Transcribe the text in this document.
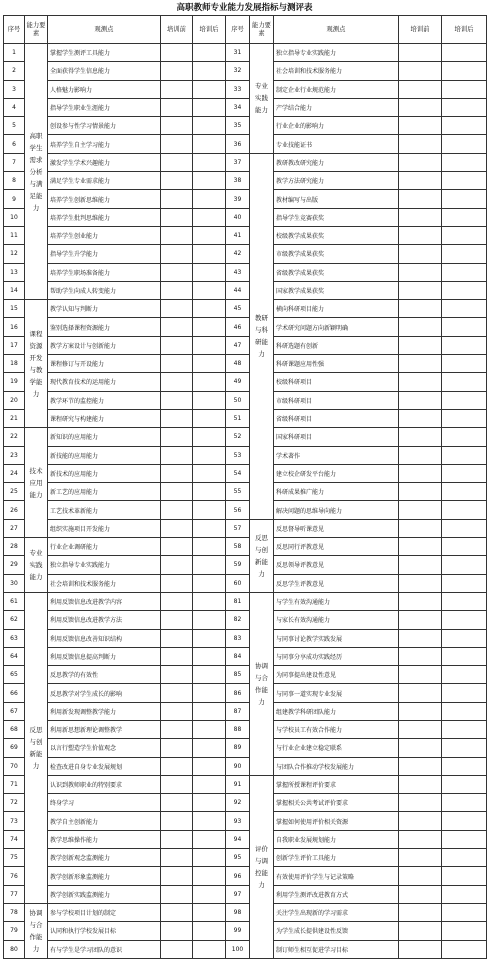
高职教师专业能力发展指标与测评表
序号	能力要素	观测点	培训前	培训后	序号	能力要素	观测点	培训前	培训后
1	高职学生需求分析与满足能力	掌握学生测评工具能力			31	专业实践能力	独立指导专业实践能力		
2		全面获得学生信息能力			32		社会培训和技术服务能力		
3		人格魅力影响力			33		制定企业行业规范能力		
4		指导学生职业生涯能力			34		产学结合能力		
5		创设参与性学习情景能力			35		行业企业的影响力		
6		培养学生自主学习能力			36		专业技能证书		
7		激发学生学术兴趣能力			37	教研与科研能力	教研教改研究能力		
8		满足学生专业需求能力			38		教学方法研究能力		
9		培养学生创新思维能力			39		教材编写与出版		
10		培养学生批判思维能力			40		指导学生竞赛获奖		
11		培养学生创业能力			41		校级教学成果获奖		
12		指导学生升学能力			42		市级教学成果获奖		
13		培养学生职场准备能力			43		省级教学成果获奖		
14		帮助学生向成人转变能力			44		国家教学成果获奖		
15	课程资源开发与教学能力	教学认知与判断力			45		横向科研项目能力		
16		鉴别选择课程资源能力			46		学术研究问题方向新颖明确		
17		教学方案设计与创新能力			47		科研选题有创新		
18		课程修订与开设能力			48		科研课题应用性强		
19		现代教育技术的运用能力			49		校级科研项目		
20		教学环节的监控能力			50		市级科研项目		
21		课程研究与构建能力			51		省级科研项目		
22	技术应用能力	新知识的应用能力			52		国家科研项目		
23		新技能的应用能力			53		学术著作		
24		新技术的应用能力			54		建立校企研发平台能力		
25		新工艺的应用能力			55		科研成果推广能力		
26		工艺技术革新能力			56		解决问题的思维导向能力		
27		组织实施项目开发能力			57	反思与创新能力	反思督导听课意见		
28	专业实践能力	行业企业调研能力			58		反思同行评教意见		
29		独立指导专业实践能力			59		反思领导评教意见		
30		社会培训和技术服务能力			60		反思学生评教意见		
61	反思与创新能力	利用反馈信息改进教学内容			81	协调与合作能力	与学生有效沟通能力		
62		利用反馈信息改进教学方法			82		与家长有效沟通能力		
63		利用反馈信息改善知识结构			83		与同事讨论教学实践发展		
64		利用反馈信息提高判断力			84		与同事分享成功实践经历		
65		反思教学的有效性			85		为同事提出建设性意见		
66		反思教学对学生成长的影响			86		与同事一道实现专业发展		
67		利用新发现调整教学能力			87		组建教学科研团队能力		
68		利用新思想新理论调整教学			88		与学校员工有效合作能力		
69		以言行塑造学生价值观念			89		与行业企业建立稳定联系		
70		检查改进自身专业发展规划			90		与团队合作推动学校发展能力		
71		认识到教师职业的特别要求			91	评价与调控能力	掌握所授课程评价要求		
72		终身学习			92		掌握相关公共考试评价要求		
73		教学自主创新能力			93		掌握如何使用评价相关资源		
74		教学思维操作能力			94		自我职业发展规划能力		
75		教学创新观念监测能力			95		创新学生评价工具能力		
76		教学创新形象监测能力			96		有效使用评价学生与记录策略		
77		教学创新实践监测能力			97		利用学生测评改进教育方式		
78	协调与合作能力	参与学校项目计划的制定			98		关注学生出现新的学习需求		
79		认同和执行学校发展目标			99		为学生成长提供建设性反馈		
80		有与学生是学习团队的意识			100		制订师生相互促进学习目标		
